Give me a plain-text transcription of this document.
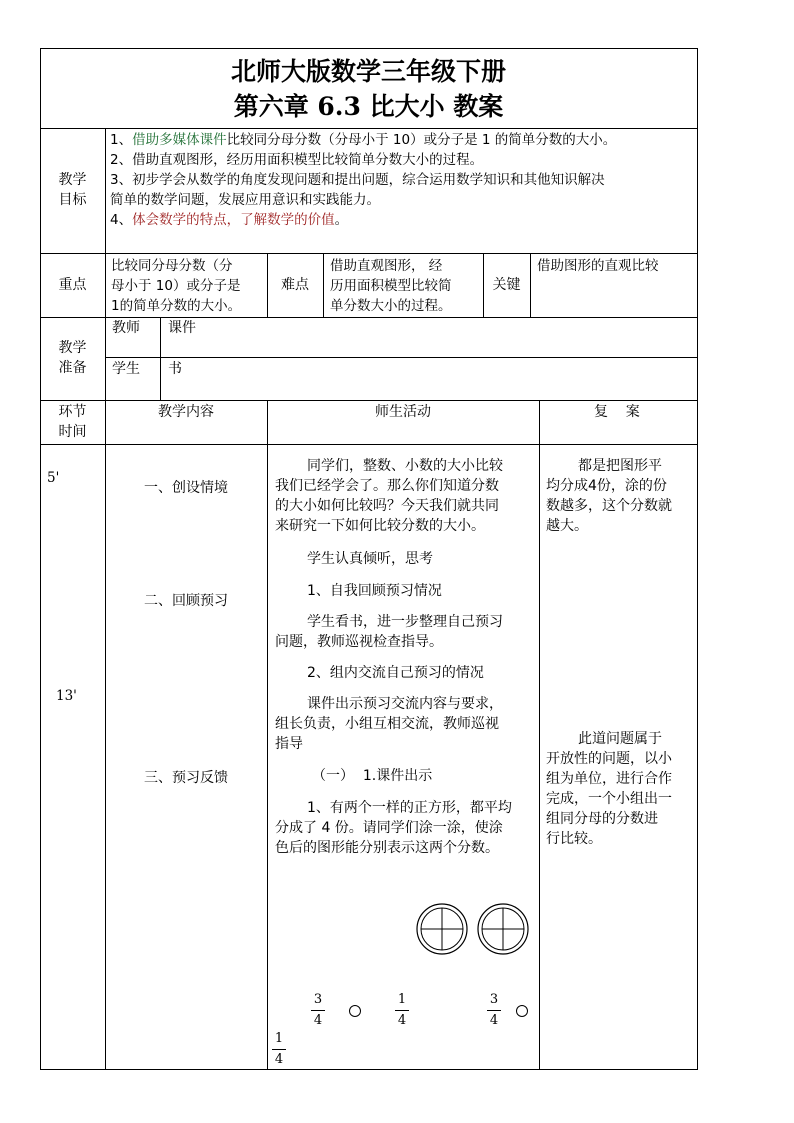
北师大版数学三年级下册
第六章 6.3 比大小 教案
教学
目标
1、借助多媒体课件比较同分母分数（分母小于 10）或分子是 1 的简单分数的大小。
2、借助直观图形，经历用面积模型比较简单分数大小的过程。
3、初步学会从数学的角度发现问题和提出问题，综合运用数学知识和其他知识解决
简单的数学问题，发展应用意识和实践能力。
4、体会数学的特点，了解数学的价值。
重点
比较同分母分数（分
母小于 10）或分子是
1的简单分数的大小。
难点
借助直观图形， 经
历用面积模型比较简
单分数大小的过程。
关键
借助图形的直观比较
教学
准备
教师 课件
学生 书
环节
时间
教学内容	师生活动	复    案
5'
13'
一、创设情境
二、回顾预习
三、预习反馈
同学们，整数、小数的大小比较
我们已经学会了。那么你们知道分数
的大小如何比较吗？今天我们就共同
来研究一下如何比较分数的大小。
学生认真倾听，思考
1、自我回顾预习情况
学生看书，进一步整理自己预习
问题，教师巡视检查指导。
2、组内交流自己预习的情况
课件出示预习交流内容与要求，
组长负责，小组互相交流，教师巡视
指导
（一）  1.课件出示
1、有两个一样的正方形，都平均
分成了 4 份。请同学们涂一涂，使涂
色后的图形能分别表示这两个分数。
3
4
1
4
3
4
1
4
都是把图形平
均分成4份，涂的份
数越多，这个分数就
越大。
此道问题属于
开放性的问题，以小
组为单位，进行合作
完成，一个小组出一
组同分母的分数进
行比较。
